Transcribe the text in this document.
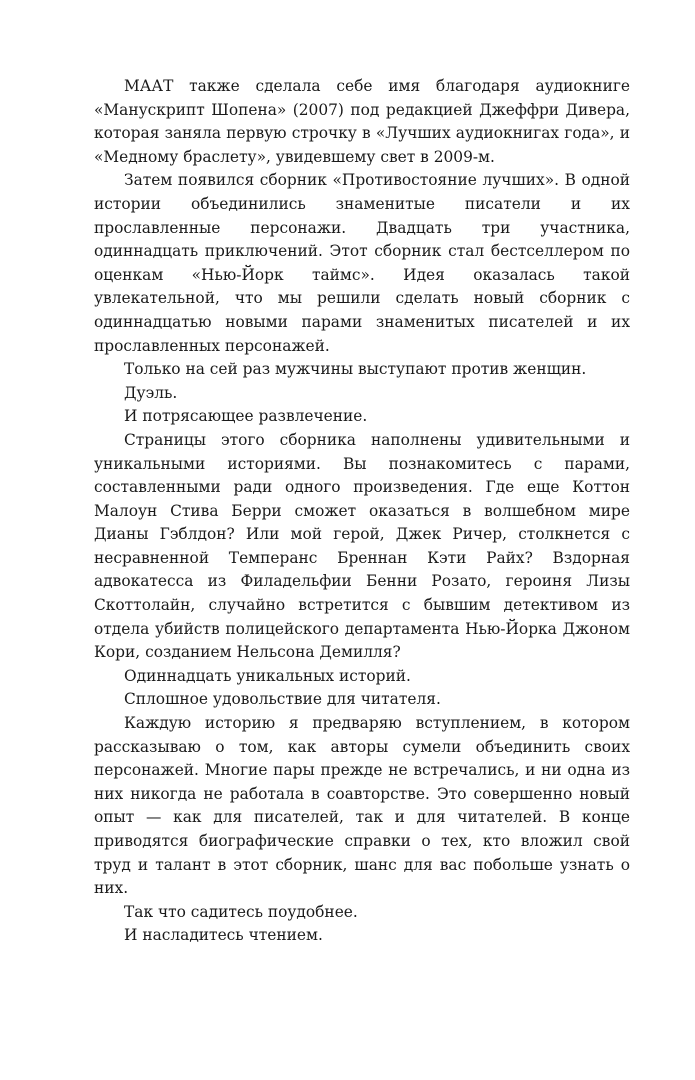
МААТ также сделала себе имя благодаря аудиокниге «Манускрипт Шопена» (2007) под редакцией Джеффри Дивера, которая заняла первую строчку в «Лучших аудиокнигах года», и «Медному браслету», увидевшему свет в 2009-м.

Затем появился сборник «Противостояние лучших». В одной истории объединились знаменитые писатели и их прославленные персонажи. Двадцать три участника, одиннадцать приключений. Этот сборник стал бестселлером по оценкам «Нью-Йорк таймс». Идея оказалась такой увлекательной, что мы решили сделать новый сборник с одиннадцатью новыми парами знаменитых писателей и их прославленных персонажей.

Только на сей раз мужчины выступают против женщин.

Дуэль.

И потрясающее развлечение.

Страницы этого сборника наполнены удивительными и уникальными историями. Вы познакомитесь с парами, составленными ради одного произведения. Где еще Коттон Малоун Стива Берри сможет оказаться в волшебном мире Дианы Гэблдон? Или мой герой, Джек Ричер, столкнется с несравненной Темперанс Бреннан Кэти Райх? Вздорная адвокатесса из Филадельфии Бенни Розато, героиня Лизы Скоттолайн, случайно встретится с бывшим детективом из отдела убийств полицейского департамента Нью-Йорка Джоном Кори, созданием Нельсона Демилля?

Одиннадцать уникальных историй.

Сплошное удовольствие для читателя.

Каждую историю я предваряю вступлением, в котором рассказываю о том, как авторы сумели объединить своих персонажей. Многие пары прежде не встречались, и ни одна из них никогда не работала в соавторстве. Это совершенно новый опыт — как для писателей, так и для читателей. В конце приводятся биографические справки о тех, кто вложил свой труд и талант в этот сборник, шанс для вас побольше узнать о них.

Так что садитесь поудобнее.

И насладитесь чтением.
